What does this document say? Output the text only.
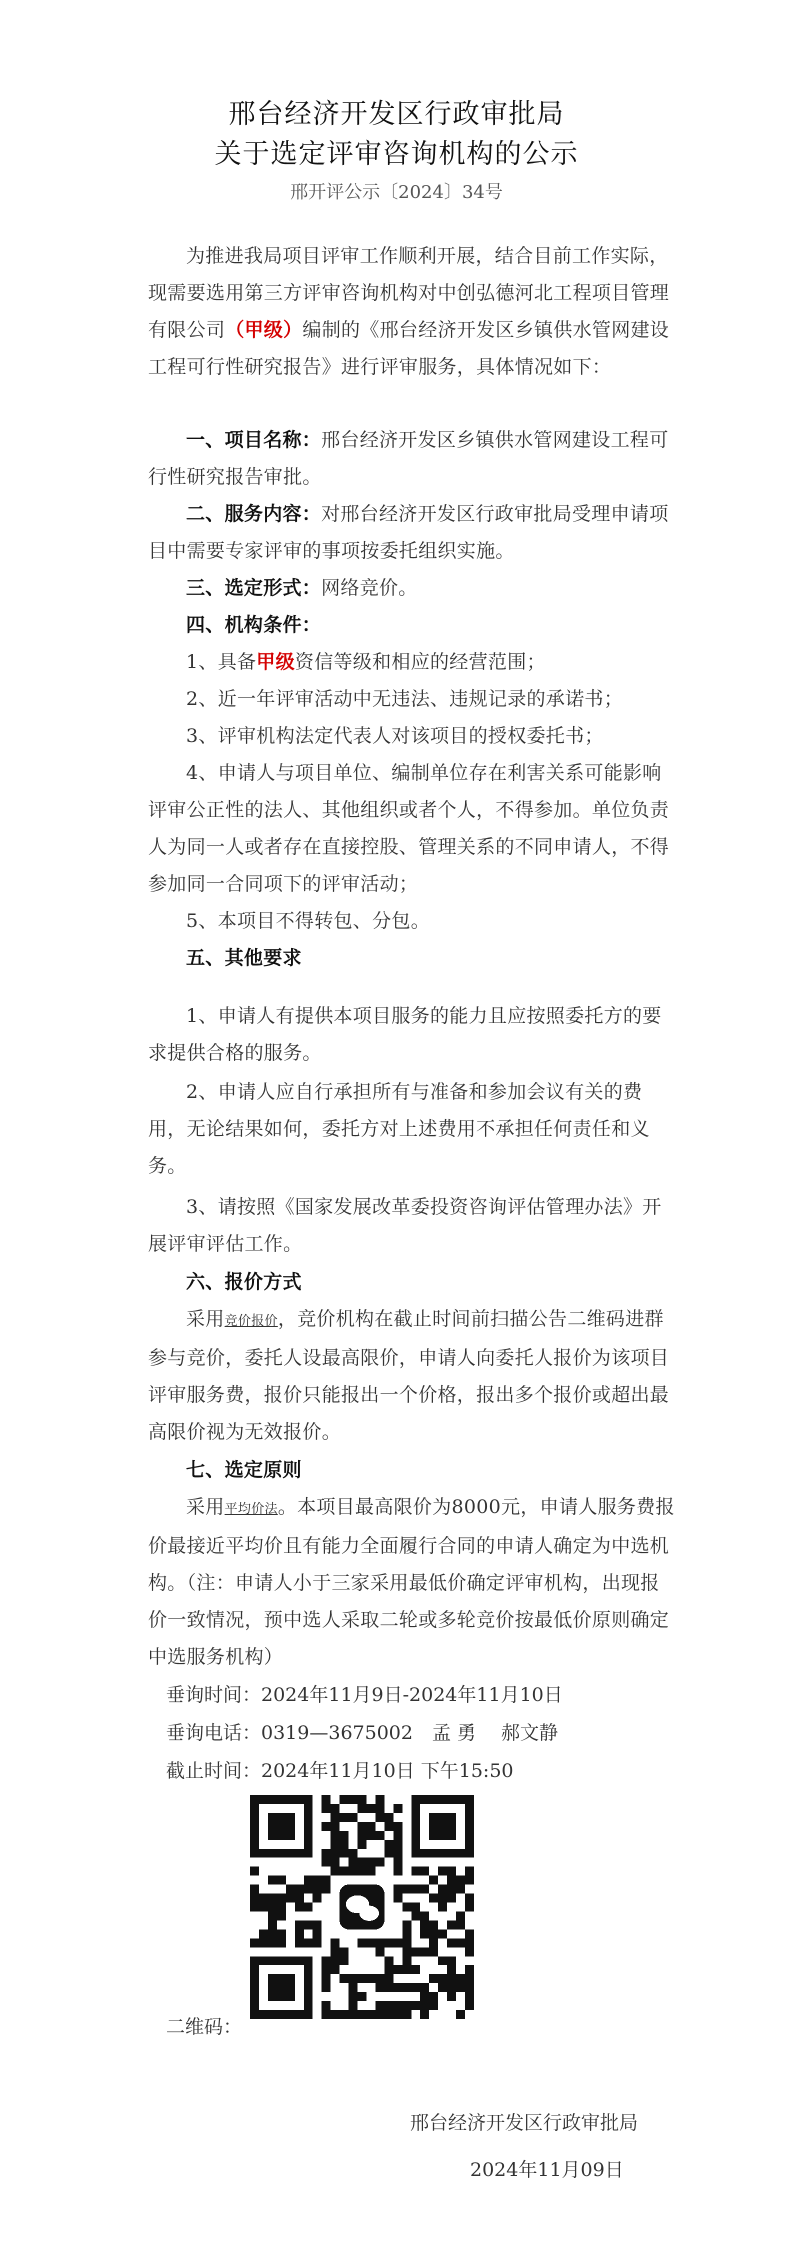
邢台经济开发区行政审批局
关于选定评审咨询机构的公示
邢开评公示〔2024〕34号
为推进我局项目评审工作顺利开展，结合目前工作实际，现需要选用第三方评审咨询机构对中创弘德河北工程项目管理有限公司（甲级）编制的《邢台经济开发区乡镇供水管网建设工程可行性研究报告》进行评审服务，具体情况如下：
一、项目名称：邢台经济开发区乡镇供水管网建设工程可行性研究报告审批。
二、服务内容：对邢台经济开发区行政审批局受理申请项目中需要专家评审的事项按委托组织实施。
三、选定形式：网络竞价。
四、机构条件：
1、具备甲级资信等级和相应的经营范围；
2、近一年评审活动中无违法、违规记录的承诺书；
3、评审机构法定代表人对该项目的授权委托书；
4、申请人与项目单位、编制单位存在利害关系可能影响评审公正性的法人、其他组织或者个人，不得参加。单位负责人为同一人或者存在直接控股、管理关系的不同申请人，不得参加同一合同项下的评审活动；
5、本项目不得转包、分包。
五、其他要求
1、申请人有提供本项目服务的能力且应按照委托方的要求提供合格的服务。
2、申请人应自行承担所有与准备和参加会议有关的费用，无论结果如何，委托方对上述费用不承担任何责任和义务。
3、请按照《国家发展改革委投资咨询评估管理办法》开展评审评估工作。
六、报价方式
采用竞价报价，竞价机构在截止时间前扫描公告二维码进群参与竞价，委托人设最高限价，申请人向委托人报价为该项目评审服务费，报价只能报出一个价格，报出多个报价或超出最高限价视为无效报价。
七、选定原则
采用平均价法。本项目最高限价为8000元，申请人服务费报价最接近平均价且有能力全面履行合同的申请人确定为中选机构。（注：申请人小于三家采用最低价确定评审机构，出现报价一致情况，预中选人采取二轮或多轮竞价按最低价原则确定中选服务机构）
垂询时间：2024年11月9日-2024年11月10日
垂询电话：0319—3675002　孟 勇　 郝文静
截止时间：2024年11月10日 下午15:50
二维码：
邢台经济开发区行政审批局
2024年11月09日
